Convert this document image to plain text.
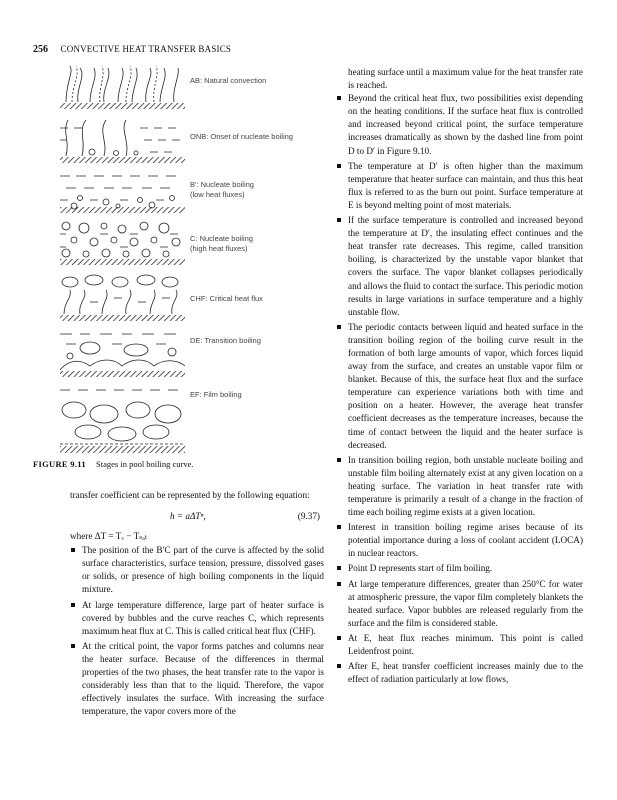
256 CONVECTIVE HEAT TRANSFER BASICS
AB: Natural convection
ONB: Onset of nucleate boiling
B': Nucleate boiling
(low heat fluxes)
C: Nucleate boiling
(high heat fluxes)
CHF: Critical heat flux
DE: Transition boiling
EF: Film boiling
FIGURE 9.11 Stages in pool boiling curve.
transfer coefficient can be represented by the following equation:
h = aΔTⁿ,	(9.37)
where ΔT = Tᵥ − Tₛₐₜ
The position of the B′C part of the curve is affected by the solid surface characteristics, surface tension, pressure, dissolved gases or solids, or presence of high boiling components in the liquid mixture.
At large temperature difference, large part of heater surface is covered by bubbles and the curve reaches C, which represents maximum heat flux at C. This is called critical heat flux (CHF).
At the critical point, the vapor forms patches and columns near the heater surface. Because of the differences in thermal properties of the two phases, the heat transfer rate to the vapor is considerably less than that to the liquid. Therefore, the vapor effectively insulates the surface. With increasing the surface temperature, the vapor covers more of the
heating surface until a maximum value for the heat transfer rate is reached.
Beyond the critical heat flux, two possibilities exist depending on the heating conditions. If the surface heat flux is controlled and increased beyond critical point, the surface temperature increases dramatically as shown by the dashed line from point D to D′ in Figure 9.10.
The temperature at D′ is often higher than the maximum temperature that heater surface can maintain, and thus this heat flux is referred to as the burn out point. Surface temperature at E is beyond melting point of most materials.
If the surface temperature is controlled and increased beyond the temperature at D′, the insulating effect continues and the heat transfer rate decreases. This regime, called transition boiling, is characterized by the unstable vapor blanket that covers the surface. The vapor blanket collapses periodically and allows the fluid to contact the surface. This periodic motion results in large variations in surface temperature and a highly unstable flow.
The periodic contacts between liquid and heated surface in the transition boiling region of the boiling curve result in the formation of both large amounts of vapor, which forces liquid away from the surface, and creates an unstable vapor film or blanket. Because of this, the surface heat flux and the surface temperature can experience variations both with time and position on a heater. However, the average heat transfer coefficient decreases as the temperature increases, because the time of contact between the liquid and the heater surface is decreased.
In transition boiling region, both unstable nucleate boiling and unstable film boiling alternately exist at any given location on a heating surface. The variation in heat transfer rate with temperature is primarily a result of a change in the fraction of time each boiling regime exists at a given location.
Interest in transition boiling regime arises because of its potential importance during a loss of coolant accident (LOCA) in nuclear reactors.
Point D represents start of film boiling.
At large temperature differences, greater than 250°C for water at atmospheric pressure, the vapor film completely blankets the heated surface. Vapor bubbles are released regularly from the surface and the film is considered stable.
At E, heat flux reaches minimum. This point is called Leidenfrost point.
After E, heat transfer coefficient increases mainly due to the effect of radiation particularly at low flows,
